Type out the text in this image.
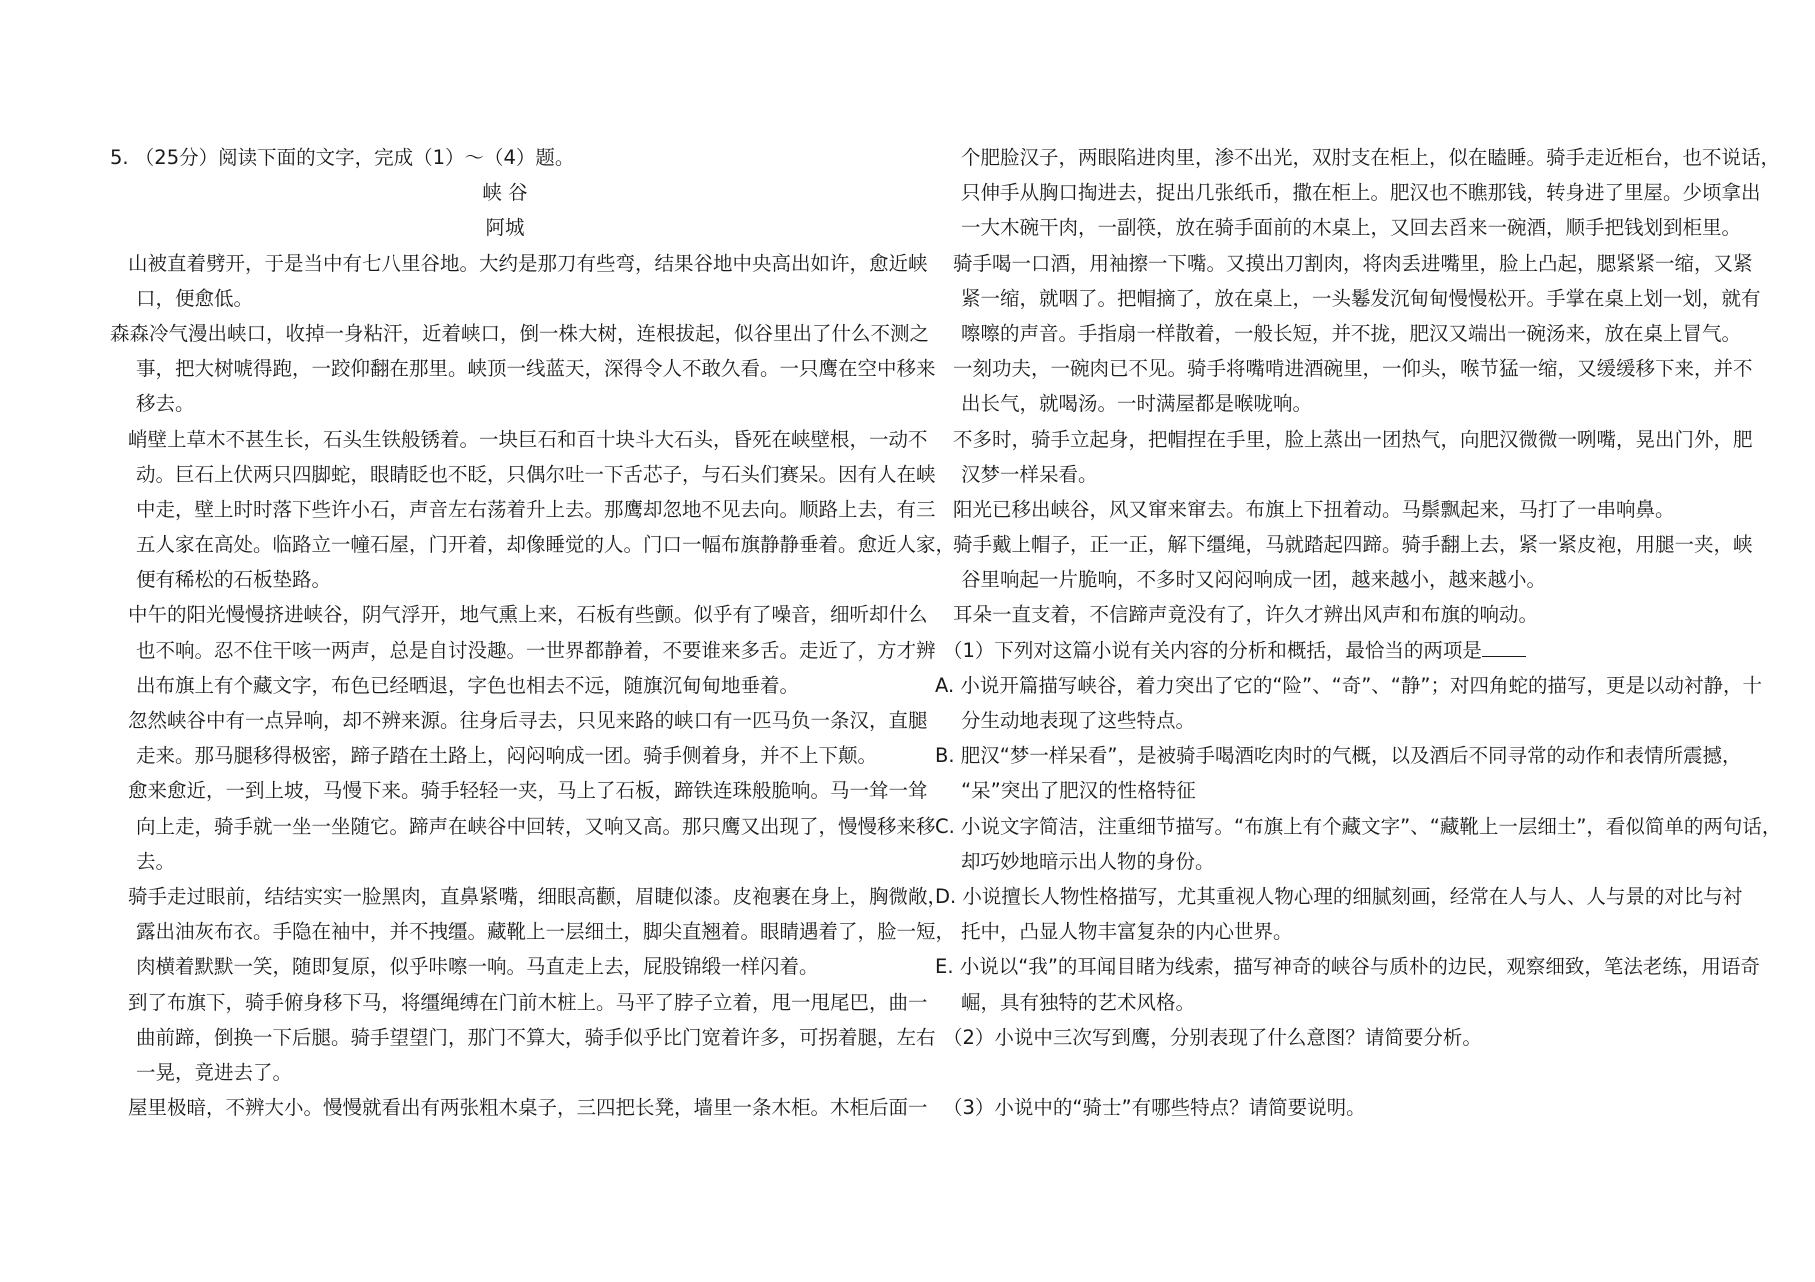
5. （25分）阅读下面的文字，完成（1）～（4）题。
峡 谷
阿城
山被直着劈开，于是当中有七八里谷地。大约是那刀有些弯，结果谷地中央高出如许，愈近峡
口，便愈低。
森森冷气漫出峡口，收掉一身粘汗，近着峡口，倒一株大树，连根拔起，似谷里出了什么不测之
事，把大树唬得跑，一跤仰翻在那里。峡顶一线蓝天，深得令人不敢久看。一只鹰在空中移来
移去。
峭壁上草木不甚生长，石头生铁般锈着。一块巨石和百十块斗大石头，昏死在峡壁根，一动不
动。巨石上伏两只四脚蛇，眼睛眨也不眨，只偶尔吐一下舌芯子，与石头们赛呆。因有人在峡
中走，壁上时时落下些许小石，声音左右荡着升上去。那鹰却忽地不见去向。顺路上去，有三
五人家在高处。临路立一幢石屋，门开着，却像睡觉的人。门口一幅布旗静静垂着。愈近人家，
便有稀松的石板垫路。
中午的阳光慢慢挤进峡谷，阴气浮开，地气熏上来，石板有些颤。似乎有了噪音，细听却什么
也不响。忍不住干咳一两声，总是自讨没趣。一世界都静着，不要谁来多舌。走近了，方才辨
出布旗上有个藏文字，布色已经晒退，字色也相去不远，随旗沉甸甸地垂着。
忽然峡谷中有一点异响，却不辨来源。往身后寻去，只见来路的峡口有一匹马负一条汉，直腿
走来。那马腿移得极密，蹄子踏在土路上，闷闷响成一团。骑手侧着身，并不上下颠。
愈来愈近，一到上坡，马慢下来。骑手轻轻一夹，马上了石板，蹄铁连珠般脆响。马一耸一耸
向上走，骑手就一坐一坐随它。蹄声在峡谷中回转，又响又高。那只鹰又出现了，慢慢移来移
去。
骑手走过眼前，结结实实一脸黑肉，直鼻紧嘴，细眼高颧，眉睫似漆。皮袍裹在身上，胸微敞，
露出油灰布衣。手隐在袖中，并不拽缰。藏靴上一层细土，脚尖直翘着。眼睛遇着了，脸一短，
肉横着默默一笑，随即复原，似乎咔嚓一响。马直走上去，屁股锦缎一样闪着。
到了布旗下，骑手俯身移下马，将缰绳缚在门前木桩上。马平了脖子立着，甩一甩尾巴，曲一
曲前蹄，倒换一下后腿。骑手望望门，那门不算大，骑手似乎比门宽着许多，可拐着腿，左右
一晃，竟进去了。
屋里极暗，不辨大小。慢慢就看出有两张粗木桌子，三四把长凳，墙里一条木柜。木柜后面一
个肥脸汉子，两眼陷进肉里，渗不出光，双肘支在柜上，似在瞌睡。骑手走近柜台，也不说话，
只伸手从胸口掏进去，捉出几张纸币，撒在柜上。肥汉也不瞧那钱，转身进了里屋。少顷拿出
一大木碗干肉，一副筷，放在骑手面前的木桌上，又回去舀来一碗酒，顺手把钱划到柜里。
骑手喝一口酒，用袖擦一下嘴。又摸出刀割肉，将肉丢进嘴里，脸上凸起，腮紧紧一缩，又紧
紧一缩，就咽了。把帽摘了，放在桌上，一头鬈发沉甸甸慢慢松开。手掌在桌上划一划，就有
嚓嚓的声音。手指扇一样散着，一般长短，并不拢，肥汉又端出一碗汤来，放在桌上冒气。
一刻功夫，一碗肉已不见。骑手将嘴啃进酒碗里，一仰头，喉节猛一缩，又缓缓移下来，并不
出长气，就喝汤。一时满屋都是喉咙响。
不多时，骑手立起身，把帽捏在手里，脸上蒸出一团热气，向肥汉微微一咧嘴，晃出门外，肥
汉梦一样呆看。
阳光已移出峡谷，风又窜来窜去。布旗上下扭着动。马鬃飘起来，马打了一串响鼻。
骑手戴上帽子，正一正，解下缰绳，马就踏起四蹄。骑手翻上去，紧一紧皮袍，用腿一夹，峡
谷里响起一片脆响，不多时又闷闷响成一团，越来越小，越来越小。
耳朵一直支着，不信蹄声竟没有了，许久才辨出风声和布旗的响动。
（1）下列对这篇小说有关内容的分析和概括，最恰当的两项是
A. 小说开篇描写峡谷，着力突出了它的“险”、“奇”、“静”；对四角蛇的描写，更是以动衬静，十
分生动地表现了这些特点。
B. 肥汉“梦一样呆看”，是被骑手喝酒吃肉时的气概，以及酒后不同寻常的动作和表情所震撼，
“呆”突出了肥汉的性格特征
C. 小说文字简洁，注重细节描写。“布旗上有个藏文字”、“藏靴上一层细土”，看似简单的两句话，
却巧妙地暗示出人物的身份。
D. 小说擅长人物性格描写，尤其重视人物心理的细腻刻画，经常在人与人、人与景的对比与衬
托中，凸显人物丰富复杂的内心世界。
E. 小说以“我”的耳闻目睹为线索，描写神奇的峡谷与质朴的边民，观察细致，笔法老练，用语奇
崛，具有独特的艺术风格。
（2）小说中三次写到鹰，分别表现了什么意图？请简要分析。
（3）小说中的“骑士”有哪些特点？请简要说明。
